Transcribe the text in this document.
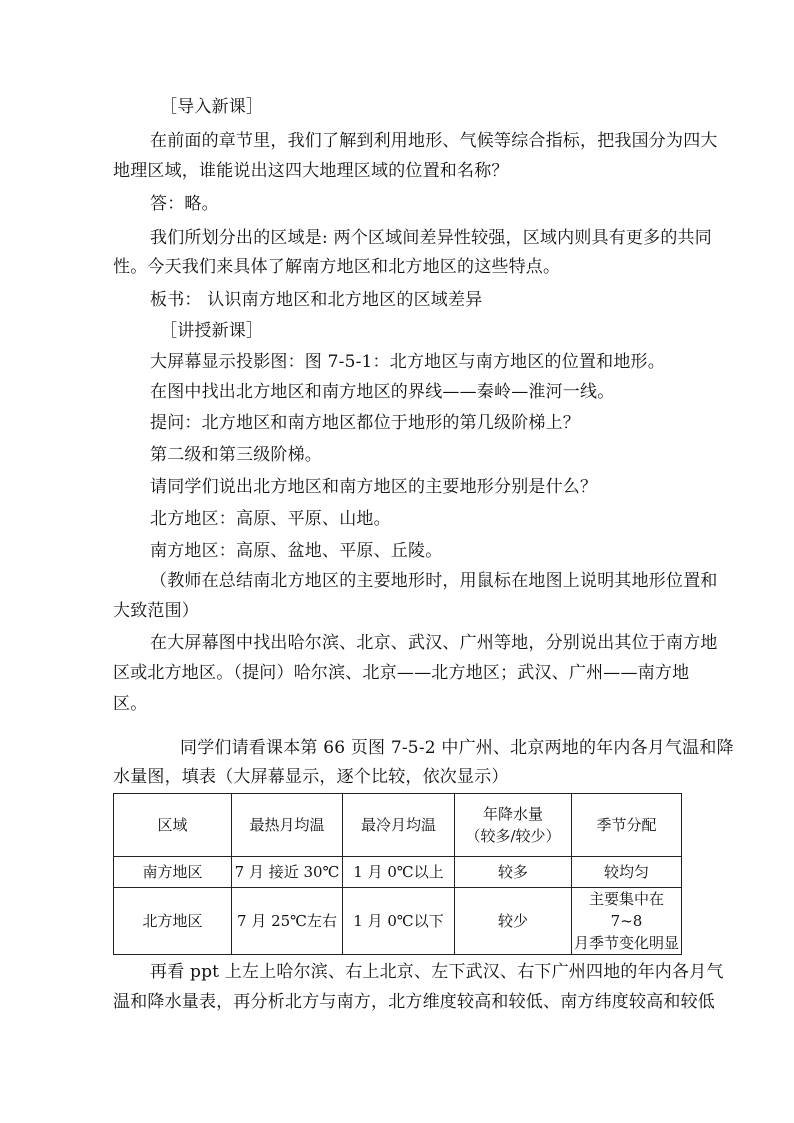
［导入新课］
在前面的章节里，我们了解到利用地形、气候等综合指标，把我国分为四大
地理区域，谁能说出这四大地理区域的位置和名称？
答：略。
我们所划分出的区域是: 两个区域间差异性较强，区域内则具有更多的共同
性。今天我们来具体了解南方地区和北方地区的这些特点。
板书： 认识南方地区和北方地区的区域差异
［讲授新课］
大屏幕显示投影图：图 7-5-1：北方地区与南方地区的位置和地形。
在图中找出北方地区和南方地区的界线——秦岭—淮河一线。
提问：北方地区和南方地区都位于地形的第几级阶梯上？
第二级和第三级阶梯。
请同学们说出北方地区和南方地区的主要地形分别是什么？
北方地区：高原、平原、山地。
南方地区：高原、盆地、平原、丘陵。
（教师在总结南北方地区的主要地形时，用鼠标在地图上说明其地形位置和
大致范围）
在大屏幕图中找出哈尔滨、北京、武汉、广州等地，分别说出其位于南方地
区或北方地区。（提问）哈尔滨、北京——北方地区；武汉、广州——南方地
区。
同学们请看课本第 66 页图 7-5-2 中广州、北京两地的年内各月气温和降
水量图，填表（大屏幕显示，逐个比较，依次显示）
区域	最热月均温	最冷月均温	年降水量
（较多/较少）	季节分配
南方地区	7 月 接近 30℃	1 月 0℃以上	较多	较均匀

北方地区	7 月 25℃左右	1 月 0℃以下	较少	主要集中在 7~8
月季节变化明显
再看 ppt 上左上哈尔滨、右上北京、左下武汉、右下广州四地的年内各月气
温和降水量表，再分析北方与南方，北方维度较高和较低、南方纬度较高和较低
